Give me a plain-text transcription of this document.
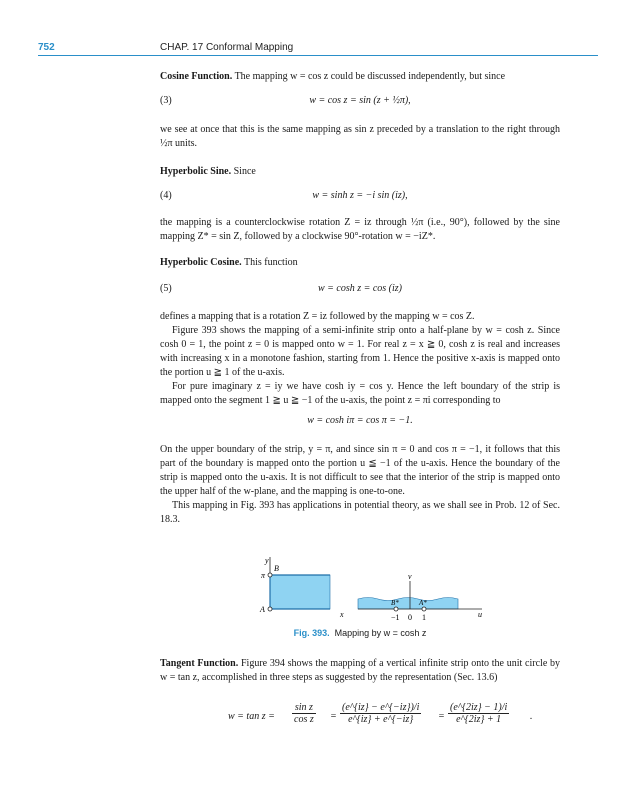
752	CHAP. 17 Conformal Mapping
Cosine Function. The mapping w = cos z could be discussed independently, but since
(3)	w = cos z = sin (z + ½π),
we see at once that this is the same mapping as sin z preceded by a translation to the right through ½π units.
Hyperbolic Sine. Since
(4)	w = sinh z = −i sin (iz),
the mapping is a counterclockwise rotation Z = iz through ½π (i.e., 90°), followed by the sine mapping Z* = sin Z, followed by a clockwise 90°-rotation w = −iZ*.
Hyperbolic Cosine. This function
(5)	w = cosh z = cos (iz)
defines a mapping that is a rotation Z = iz followed by the mapping w = cos Z.
Figure 393 shows the mapping of a semi-infinite strip onto a half-plane by w = cosh z. Since cosh 0 = 1, the point z = 0 is mapped onto w = 1. For real z = x ≧ 0, cosh z is real and increases with increasing x in a monotone fashion, starting from 1. Hence the positive x-axis is mapped onto the portion u ≧ 1 of the u-axis.
For pure imaginary z = iy we have cosh iy = cos y. Hence the left boundary of the strip is mapped onto the segment 1 ≧ u ≧ −1 of the u-axis, the point z = πi corresponding to
w = cosh iπ = cos π = −1.
On the upper boundary of the strip, y = π, and since sin π = 0 and cos π = −1, it follows that this part of the boundary is mapped onto the portion u ≦ −1 of the u-axis. Hence the boundary of the strip is mapped onto the u-axis. It is not difficult to see that the interior of the strip is mapped onto the upper half of the w-plane, and the mapping is one-to-one.
This mapping in Fig. 393 has applications in potential theory, as we shall see in Prob. 12 of Sec. 18.3.
y
B
π
A
x
v
u
B*	A*
−1 0 1
Fig. 393. Mapping by w = cosh z
Tangent Function. Figure 394 shows the mapping of a vertical infinite strip onto the unit circle by w = tan z, accomplished in three steps as suggested by the representation (Sec. 13.6)
$w = \tan z = \frac{\text{sin z}}{\text{cos z}} = \frac{(e\^{}\{iz\} - e\^{}\{-iz\})/i}{e\^{}\{iz\} + e\^{}\{-iz\}} = \frac{(e\^{}\{2iz\} - 1)/i}{e\^{}\{2iz\} + 1}$ .
